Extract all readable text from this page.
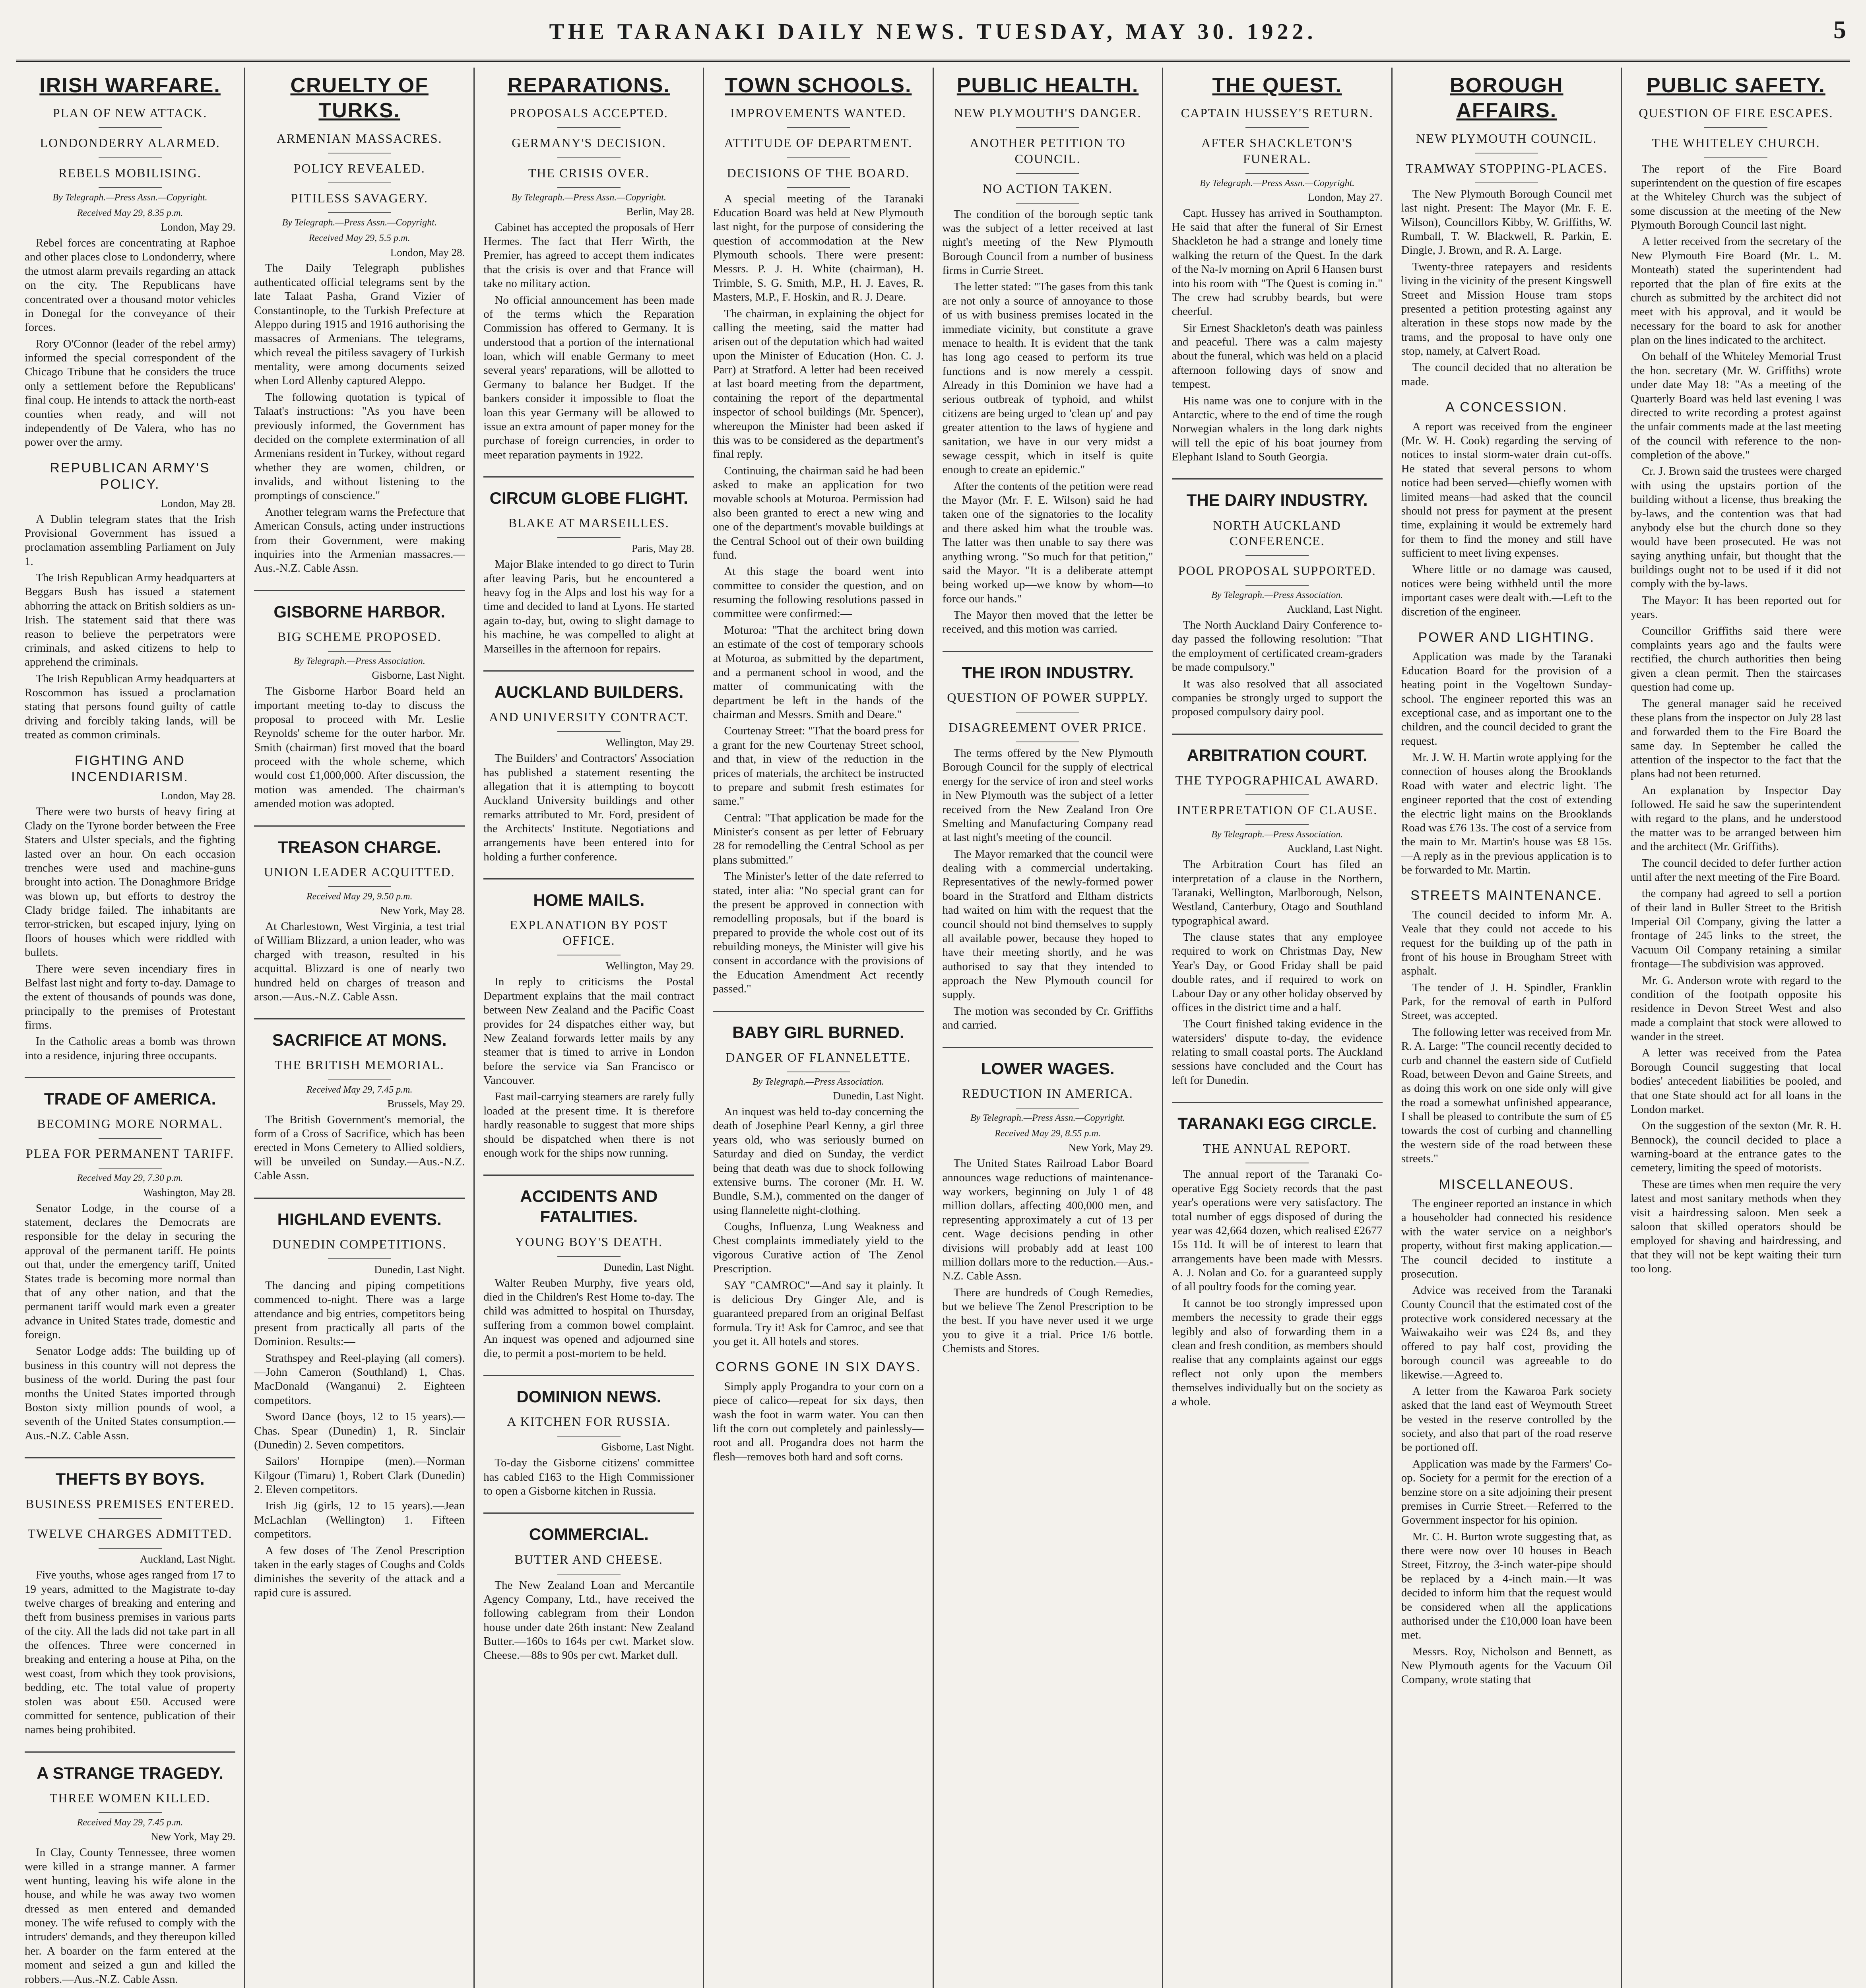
THE TARANAKI DAILY NEWS. TUESDAY, MAY 30. 1922.	5
IRISH WARFARE.
PLAN OF NEW ATTACK.
LONDONDERRY ALARMED.
REBELS MOBILISING.
By Telegraph.—Press Assn.—Copyright.
Received May 29, 8.35 p.m.
London, May 29.

Rebel forces are concentrating at Raphoe and other places close to Londonderry, where the utmost alarm prevails regarding an attack on the city. The Republicans have concentrated over a thousand motor vehicles in Donegal for the conveyance of their forces.

Rory O'Connor (leader of the rebel army) informed the special correspondent of the Chicago Tribune that he considers the truce only a settlement before the Republicans' final coup. He intends to attack the north-east counties when ready, and will not independently of De Valera, who has no power over the army.

REPUBLICAN ARMY'S POLICY.
London, May 28.

A Dublin telegram states that the Irish Provisional Government has issued a proclamation assembling Parliament on July 1.

The Irish Republican Army headquarters at Beggars Bush has issued a statement abhorring the attack on British soldiers as un-Irish. The statement said that there was reason to believe the perpetrators were criminals, and asked citizens to help to apprehend the criminals.

The Irish Republican Army headquarters at Roscommon has issued a proclamation stating that persons found guilty of cattle driving and forcibly taking lands, will be treated as common criminals.

FIGHTING AND INCENDIARISM.
London, May 28.

There were two bursts of heavy firing at Clady on the Tyrone border between the Free Staters and Ulster specials, and the fighting lasted over an hour. On each occasion trenches were used and machine-guns brought into action. The Donaghmore Bridge was blown up, but efforts to destroy the Clady bridge failed. The inhabitants are terror-stricken, but escaped injury, lying on floors of houses which were riddled with bullets.

There were seven incendiary fires in Belfast last night and forty to-day. Damage to the extent of thousands of pounds was done, principally to the premises of Protestant firms.

In the Catholic areas a bomb was thrown into a residence, injuring three occupants.

TRADE OF AMERICA.
BECOMING MORE NORMAL.
PLEA FOR PERMANENT TARIFF.
Received May 29, 7.30 p.m.
Washington, May 28.

Senator Lodge, in the course of a statement, declares the Democrats are responsible for the delay in securing the approval of the permanent tariff. He points out that, under the emergency tariff, United States trade is becoming more normal than that of any other nation, and that the permanent tariff would mark even a greater advance in United States trade, domestic and foreign.

Senator Lodge adds: The building up of business in this country will not depress the business of the world. During the past four months the United States imported through Boston sixty million pounds of wool, a seventh of the United States consumption.—Aus.-N.Z. Cable Assn.

THEFTS BY BOYS.
BUSINESS PREMISES ENTERED.
TWELVE CHARGES ADMITTED.
Auckland, Last Night.

Five youths, whose ages ranged from 17 to 19 years, admitted to the Magistrate to-day twelve charges of breaking and entering and theft from business premises in various parts of the city. All the lads did not take part in all the offences. Three were concerned in breaking and entering a house at Piha, on the west coast, from which they took provisions, bedding, etc. The total value of property stolen was about £50. Accused were committed for sentence, publication of their names being prohibited.

A STRANGE TRAGEDY.
THREE WOMEN KILLED.
Received May 29, 7.45 p.m.
New York, May 29.

In Clay, County Tennessee, three women were killed in a strange manner. A farmer went hunting, leaving his wife alone in the house, and while he was away two women dressed as men entered and demanded money. The wife refused to comply with the intruders' demands, and they thereupon killed her. A boarder on the farm entered at the moment and seized a gun and killed the robbers.—Aus.-N.Z. Cable Assn.

CRUELTY OF TURKS.
ARMENIAN MASSACRES.
POLICY REVEALED.
PITILESS SAVAGERY.
By Telegraph.—Press Assn.—Copyright.
Received May 29, 5.5 p.m.
London, May 28.

The Daily Telegraph publishes authenticated official telegrams sent by the late Talaat Pasha, Grand Vizier of Constantinople, to the Turkish Prefecture at Aleppo during 1915 and 1916 authorising the massacres of Armenians. The telegrams, which reveal the pitiless savagery of Turkish mentality, were among documents seized when Lord Allenby captured Aleppo.

The following quotation is typical of Talaat's instructions: "As you have been previously informed, the Government has decided on the complete extermination of all Armenians resident in Turkey, without regard whether they are women, children, or invalids, and without listening to the promptings of conscience."

Another telegram warns the Prefecture that American Consuls, acting under instructions from their Government, were making inquiries into the Armenian massacres.—Aus.-N.Z. Cable Assn.

GISBORNE HARBOR.
BIG SCHEME PROPOSED.
By Telegraph.—Press Association.
Gisborne, Last Night.

The Gisborne Harbor Board held an important meeting to-day to discuss the proposal to proceed with Mr. Leslie Reynolds' scheme for the outer harbor. Mr. Smith (chairman) first moved that the board proceed with the whole scheme, which would cost £1,000,000. After discussion, the motion was amended. The chairman's amended motion was adopted.

TREASON CHARGE.
UNION LEADER ACQUITTED.
Received May 29, 9.50 p.m.
New York, May 28.

At Charlestown, West Virginia, a test trial of William Blizzard, a union leader, who was charged with treason, resulted in his acquittal. Blizzard is one of nearly two hundred held on charges of treason and arson.—Aus.-N.Z. Cable Assn.

SACRIFICE AT MONS.
THE BRITISH MEMORIAL.
Received May 29, 7.45 p.m.
Brussels, May 29.

The British Government's memorial, the form of a Cross of Sacrifice, which has been erected in Mons Cemetery to Allied soldiers, will be unveiled on Sunday.—Aus.-N.Z. Cable Assn.

HIGHLAND EVENTS.
DUNEDIN COMPETITIONS.
Dunedin, Last Night.

The dancing and piping competitions commenced to-night. There was a large attendance and big entries, competitors being present from practically all parts of the Dominion. Results:—

Strathspey and Reel-playing (all comers).—John Cameron (Southland) 1, Chas. MacDonald (Wanganui) 2. Eighteen competitors.

Sword Dance (boys, 12 to 15 years).—Chas. Spear (Dunedin) 1, R. Sinclair (Dunedin) 2. Seven competitors.

Sailors' Hornpipe (men).—Norman Kilgour (Timaru) 1, Robert Clark (Dunedin) 2. Eleven competitors.

Irish Jig (girls, 12 to 15 years).—Jean McLachlan (Wellington) 1. Fifteen competitors.

A few doses of The Zenol Prescription taken in the early stages of Coughs and Colds diminishes the severity of the attack and a rapid cure is assured.

REPARATIONS.
PROPOSALS ACCEPTED.
GERMANY'S DECISION.
THE CRISIS OVER.
By Telegraph.—Press Assn.—Copyright.
Berlin, May 28.

Cabinet has accepted the proposals of Herr Hermes. The fact that Herr Wirth, the Premier, has agreed to accept them indicates that the crisis is over and that France will take no military action.

No official announcement has been made of the terms which the Reparation Commission has offered to Germany. It is understood that a portion of the international loan, which will enable Germany to meet several years' reparations, will be allotted to Germany to balance her Budget. If the bankers consider it impossible to float the loan this year Germany will be allowed to issue an extra amount of paper money for the purchase of foreign currencies, in order to meet reparation payments in 1922.

CIRCUM GLOBE FLIGHT.
BLAKE AT MARSEILLES.
Paris, May 28.

Major Blake intended to go direct to Turin after leaving Paris, but he encountered a heavy fog in the Alps and lost his way for a time and decided to land at Lyons. He started again to-day, but, owing to slight damage to his machine, he was compelled to alight at Marseilles in the afternoon for repairs.

AUCKLAND BUILDERS.
AND UNIVERSITY CONTRACT.
Wellington, May 29.

The Builders' and Contractors' Association has published a statement resenting the allegation that it is attempting to boycott Auckland University buildings and other remarks attributed to Mr. Ford, president of the Architects' Institute. Negotiations and arrangements have been entered into for holding a further conference.

HOME MAILS.
EXPLANATION BY POST OFFICE.
Wellington, May 29.

In reply to criticisms the Postal Department explains that the mail contract between New Zealand and the Pacific Coast provides for 24 dispatches either way, but New Zealand forwards letter mails by any steamer that is timed to arrive in London before the service via San Francisco or Vancouver.

Fast mail-carrying steamers are rarely fully loaded at the present time. It is therefore hardly reasonable to suggest that more ships should be dispatched when there is not enough work for the ships now running.

ACCIDENTS AND FATALITIES.
YOUNG BOY'S DEATH.
Dunedin, Last Night.

Walter Reuben Murphy, five years old, died in the Children's Rest Home to-day. The child was admitted to hospital on Thursday, suffering from a common bowel complaint. An inquest was opened and adjourned sine die, to permit a post-mortem to be held.

DOMINION NEWS.
A KITCHEN FOR RUSSIA.
Gisborne, Last Night.

To-day the Gisborne citizens' committee has cabled £163 to the High Commissioner to open a Gisborne kitchen in Russia.

COMMERCIAL.
BUTTER AND CHEESE.

The New Zealand Loan and Mercantile Agency Company, Ltd., have received the following cablegram from their London house under date 26th instant: New Zealand Butter.—160s to 164s per cwt. Market slow. Cheese.—88s to 90s per cwt. Market dull.

TOWN SCHOOLS.
IMPROVEMENTS WANTED.
ATTITUDE OF DEPARTMENT.
DECISIONS OF THE BOARD.

A special meeting of the Taranaki Education Board was held at New Plymouth last night, for the purpose of considering the question of accommodation at the New Plymouth schools. There were present: Messrs. P. J. H. White (chairman), H. Trimble, S. G. Smith, M.P., H. J. Eaves, R. Masters, M.P., F. Hoskin, and R. J. Deare.

The chairman, in explaining the object for calling the meeting, said the matter had arisen out of the deputation which had waited upon the Minister of Education (Hon. C. J. Parr) at Stratford. A letter had been received at last board meeting from the department, containing the report of the departmental inspector of school buildings (Mr. Spencer), whereupon the Minister had been asked if this was to be considered as the department's final reply.

Continuing, the chairman said he had been asked to make an application for two movable schools at Moturoa. Permission had also been granted to erect a new wing and one of the department's movable buildings at the Central School out of their own building fund.

At this stage the board went into committee to consider the question, and on resuming the following resolutions passed in committee were confirmed:—

Moturoa: "That the architect bring down an estimate of the cost of temporary schools at Moturoa, as submitted by the department, and a permanent school in wood, and the matter of communicating with the department be left in the hands of the chairman and Messrs. Smith and Deare."

Courtenay Street: "That the board press for a grant for the new Courtenay Street school, and that, in view of the reduction in the prices of materials, the architect be instructed to prepare and submit fresh estimates for same."

Central: "That application be made for the Minister's consent as per letter of February 28 for remodelling the Central School as per plans submitted."

The Minister's letter of the date referred to stated, inter alia: "No special grant can for the present be approved in connection with remodelling proposals, but if the board is prepared to provide the whole cost out of its rebuilding moneys, the Minister will give his consent in accordance with the provisions of the Education Amendment Act recently passed."

BABY GIRL BURNED.
DANGER OF FLANNELETTE.
By Telegraph.—Press Association.
Dunedin, Last Night.

An inquest was held to-day concerning the death of Josephine Pearl Kenny, a girl three years old, who was seriously burned on Saturday and died on Sunday, the verdict being that death was due to shock following extensive burns. The coroner (Mr. H. W. Bundle, S.M.), commented on the danger of using flannelette night-clothing.

Coughs, Influenza, Lung Weakness and Chest complaints immediately yield to the vigorous Curative action of The Zenol Prescription.

SAY "CAMROC"—And say it plainly. It is delicious Dry Ginger Ale, and is guaranteed prepared from an original Belfast formula. Try it! Ask for Camroc, and see that you get it. All hotels and stores.

CORNS GONE IN SIX DAYS.

Simply apply Progandra to your corn on a piece of calico—repeat for six days, then wash the foot in warm water. You can then lift the corn out completely and painlessly—root and all. Progandra does not harm the flesh—removes both hard and soft corns.

PUBLIC HEALTH.
NEW PLYMOUTH'S DANGER.
ANOTHER PETITION TO COUNCIL.
NO ACTION TAKEN.

The condition of the borough septic tank was the subject of a letter received at last night's meeting of the New Plymouth Borough Council from a number of business firms in Currie Street.

The letter stated: "The gases from this tank are not only a source of annoyance to those of us with business premises located in the immediate vicinity, but constitute a grave menace to health. It is evident that the tank has long ago ceased to perform its true functions and is now merely a cesspit. Already in this Dominion we have had a serious outbreak of typhoid, and whilst citizens are being urged to 'clean up' and pay greater attention to the laws of hygiene and sanitation, we have in our very midst a sewage cesspit, which in itself is quite enough to create an epidemic."

After the contents of the petition were read the Mayor (Mr. F. E. Wilson) said he had taken one of the signatories to the locality and there asked him what the trouble was. The latter was then unable to say there was anything wrong. "So much for that petition," said the Mayor. "It is a deliberate attempt being worked up—we know by whom—to force our hands."

The Mayor then moved that the letter be received, and this motion was carried.

THE IRON INDUSTRY.
QUESTION OF POWER SUPPLY.
DISAGREEMENT OVER PRICE.

The terms offered by the New Plymouth Borough Council for the supply of electrical energy for the service of iron and steel works in New Plymouth was the subject of a letter received from the New Zealand Iron Ore Smelting and Manufacturing Company read at last night's meeting of the council.

The Mayor remarked that the council were dealing with a commercial undertaking. Representatives of the newly-formed power board in the Stratford and Eltham districts had waited on him with the request that the council should not bind themselves to supply all available power, because they hoped to have their meeting shortly, and he was authorised to say that they intended to approach the New Plymouth council for supply.

The motion was seconded by Cr. Griffiths and carried.

LOWER WAGES.
REDUCTION IN AMERICA.
By Telegraph.—Press Assn.—Copyright.
Received May 29, 8.55 p.m.
New York, May 29.

The United States Railroad Labor Board announces wage reductions of maintenance-way workers, beginning on July 1 of 48 million dollars, affecting 400,000 men, and representing approximately a cut of 13 per cent. Wage decisions pending in other divisions will probably add at least 100 million dollars more to the reduction.—Aus.-N.Z. Cable Assn.

There are hundreds of Cough Remedies, but we believe The Zenol Prescription to be the best. If you have never used it we urge you to give it a trial. Price 1/6 bottle. Chemists and Stores.

THE QUEST.
CAPTAIN HUSSEY'S RETURN.
AFTER SHACKLETON'S FUNERAL.
By Telegraph.—Press Assn.—Copyright.
London, May 27.

Capt. Hussey has arrived in Southampton. He said that after the funeral of Sir Ernest Shackleton he had a strange and lonely time walking the return of the Quest. In the dark of the Na-lv morning on April 6 Hansen burst into his room with "The Quest is coming in." The crew had scrubby beards, but were cheerful.

Sir Ernest Shackleton's death was painless and peaceful. There was a calm majesty about the funeral, which was held on a placid afternoon following days of snow and tempest.

His name was one to conjure with in the Antarctic, where to the end of time the rough Norwegian whalers in the long dark nights will tell the epic of his boat journey from Elephant Island to South Georgia.

THE DAIRY INDUSTRY.
NORTH AUCKLAND CONFERENCE.
POOL PROPOSAL SUPPORTED.
By Telegraph.—Press Association.
Auckland, Last Night.

The North Auckland Dairy Conference to-day passed the following resolution: "That the employment of certificated cream-graders be made compulsory."

It was also resolved that all associated companies be strongly urged to support the proposed compulsory dairy pool.

ARBITRATION COURT.
THE TYPOGRAPHICAL AWARD.
INTERPRETATION OF CLAUSE.
By Telegraph.—Press Association.
Auckland, Last Night.

The Arbitration Court has filed an interpretation of a clause in the Northern, Taranaki, Wellington, Marlborough, Nelson, Westland, Canterbury, Otago and Southland typographical award.

The clause states that any employee required to work on Christmas Day, New Year's Day, or Good Friday shall be paid double rates, and if required to work on Labour Day or any other holiday observed by offices in the district time and a half.

The Court finished taking evidence in the watersiders' dispute to-day, the evidence relating to small coastal ports. The Auckland sessions have concluded and the Court has left for Dunedin.

TARANAKI EGG CIRCLE.
THE ANNUAL REPORT.

The annual report of the Taranaki Co-operative Egg Society records that the past year's operations were very satisfactory. The total number of eggs disposed of during the year was 42,664 dozen, which realised £2677 15s 11d. It will be of interest to learn that arrangements have been made with Messrs. A. J. Nolan and Co. for a guaranteed supply of all poultry foods for the coming year.

It cannot be too strongly impressed upon members the necessity to grade their eggs legibly and also of forwarding them in a clean and fresh condition, as members should realise that any complaints against our eggs reflect not only upon the members themselves individually but on the society as a whole.

BOROUGH AFFAIRS.
NEW PLYMOUTH COUNCIL.
TRAMWAY STOPPING-PLACES.

The New Plymouth Borough Council met last night. Present: The Mayor (Mr. F. E. Wilson), Councillors Kibby, W. Griffiths, W. Rumball, T. W. Blackwell, R. Parkin, E. Dingle, J. Brown, and R. A. Large.

Twenty-three ratepayers and residents living in the vicinity of the present Kingswell Street and Mission House tram stops presented a petition protesting against any alteration in these stops now made by the trams, and the proposal to have only one stop, namely, at Calvert Road.

The council decided that no alteration be made.

A CONCESSION.

A report was received from the engineer (Mr. W. H. Cook) regarding the serving of notices to instal storm-water drain cut-offs. He stated that several persons to whom notice had been served—chiefly women with limited means—had asked that the council should not press for payment at the present time, explaining it would be extremely hard for them to find the money and still have sufficient to meet living expenses.

Where little or no damage was caused, notices were being withheld until the more important cases were dealt with.—Left to the discretion of the engineer.

POWER AND LIGHTING.

Application was made by the Taranaki Education Board for the provision of a heating point in the Vogeltown Sunday-school. The engineer reported this was an exceptional case, and as important one to the children, and the council decided to grant the request.

Mr. J. W. H. Martin wrote applying for the connection of houses along the Brooklands Road with water and electric light. The engineer reported that the cost of extending the electric light mains on the Brooklands Road was £76 13s. The cost of a service from the main to Mr. Martin's house was £8 15s. —A reply as in the previous application is to be forwarded to Mr. Martin.

STREETS MAINTENANCE.

The council decided to inform Mr. A. Veale that they could not accede to his request for the building up of the path in front of his house in Brougham Street with asphalt.

The tender of J. H. Spindler, Franklin Park, for the removal of earth in Pulford Street, was accepted.

The following letter was received from Mr. R. A. Large: "The council recently decided to curb and channel the eastern side of Cutfield Road, between Devon and Gaine Streets, and as doing this work on one side only will give the road a somewhat unfinished appearance, I shall be pleased to contribute the sum of £5 towards the cost of curbing and channelling the western side of the road between these streets."

MISCELLANEOUS.

The engineer reported an instance in which a householder had connected his residence with the water service on a neighbor's property, without first making application.—The council decided to institute a prosecution.

Advice was received from the Taranaki County Council that the estimated cost of the protective work considered necessary at the Waiwakaiho weir was £24 8s, and they offered to pay half cost, providing the borough council was agreeable to do likewise.—Agreed to.

A letter from the Kawaroa Park society asked that the land east of Weymouth Street be vested in the reserve controlled by the society, and also that part of the road reserve be portioned off.

Application was made by the Farmers' Co-op. Society for a permit for the erection of a benzine store on a site adjoining their present premises in Currie Street.—Referred to the Government inspector for his opinion.

Mr. C. H. Burton wrote suggesting that, as there were now over 10 houses in Beach Street, Fitzroy, the 3-inch water-pipe should be replaced by a 4-inch main.—It was decided to inform him that the request would be considered when all the applications authorised under the £10,000 loan have been met.

Messrs. Roy, Nicholson and Bennett, as New Plymouth agents for the Vacuum Oil Company, wrote stating that

PUBLIC SAFETY.
QUESTION OF FIRE ESCAPES.
THE WHITELEY CHURCH.

The report of the Fire Board superintendent on the question of fire escapes at the Whiteley Church was the subject of some discussion at the meeting of the New Plymouth Borough Council last night.

A letter received from the secretary of the New Plymouth Fire Board (Mr. L. M. Monteath) stated the superintendent had reported that the plan of fire exits at the church as submitted by the architect did not meet with his approval, and it would be necessary for the board to ask for another plan on the lines indicated to the architect.

On behalf of the Whiteley Memorial Trust the hon. secretary (Mr. W. Griffiths) wrote under date May 18: "As a meeting of the Quarterly Board was held last evening I was directed to write recording a protest against the unfair comments made at the last meeting of the council with reference to the non-completion of the above."

Cr. J. Brown said the trustees were charged with using the upstairs portion of the building without a license, thus breaking the by-laws, and the contention was that had anybody else but the church done so they would have been prosecuted. He was not saying anything unfair, but thought that the buildings ought not to be used if it did not comply with the by-laws.

The Mayor: It has been reported out for years.

Councillor Griffiths said there were complaints years ago and the faults were rectified, the church authorities then being given a clean permit. Then the staircases question had come up.

The general manager said he received these plans from the inspector on July 28 last and forwarded them to the Fire Board the same day. In September he called the attention of the inspector to the fact that the plans had not been returned.

An explanation by Inspector Day followed. He said he saw the superintendent with regard to the plans, and he understood the matter was to be arranged between him and the architect (Mr. Griffiths).

The council decided to defer further action until after the next meeting of the Fire Board.

the company had agreed to sell a portion of their land in Buller Street to the British Imperial Oil Company, giving the latter a frontage of 245 links to the street, the Vacuum Oil Company retaining a similar frontage—The subdivision was approved.

Mr. G. Anderson wrote with regard to the condition of the footpath opposite his residence in Devon Street West and also made a complaint that stock were allowed to wander in the street.

A letter was received from the Patea Borough Council suggesting that local bodies' antecedent liabilities be pooled, and that one State should act for all loans in the London market.

On the suggestion of the sexton (Mr. R. H. Bennock), the council decided to place a warning-board at the entrance gates to the cemetery, limiting the speed of motorists.

These are times when men require the very latest and most sanitary methods when they visit a hairdressing saloon. Men seek a saloon that skilled operators should be employed for shaving and hairdressing, and that they will not be kept waiting their turn too long.
